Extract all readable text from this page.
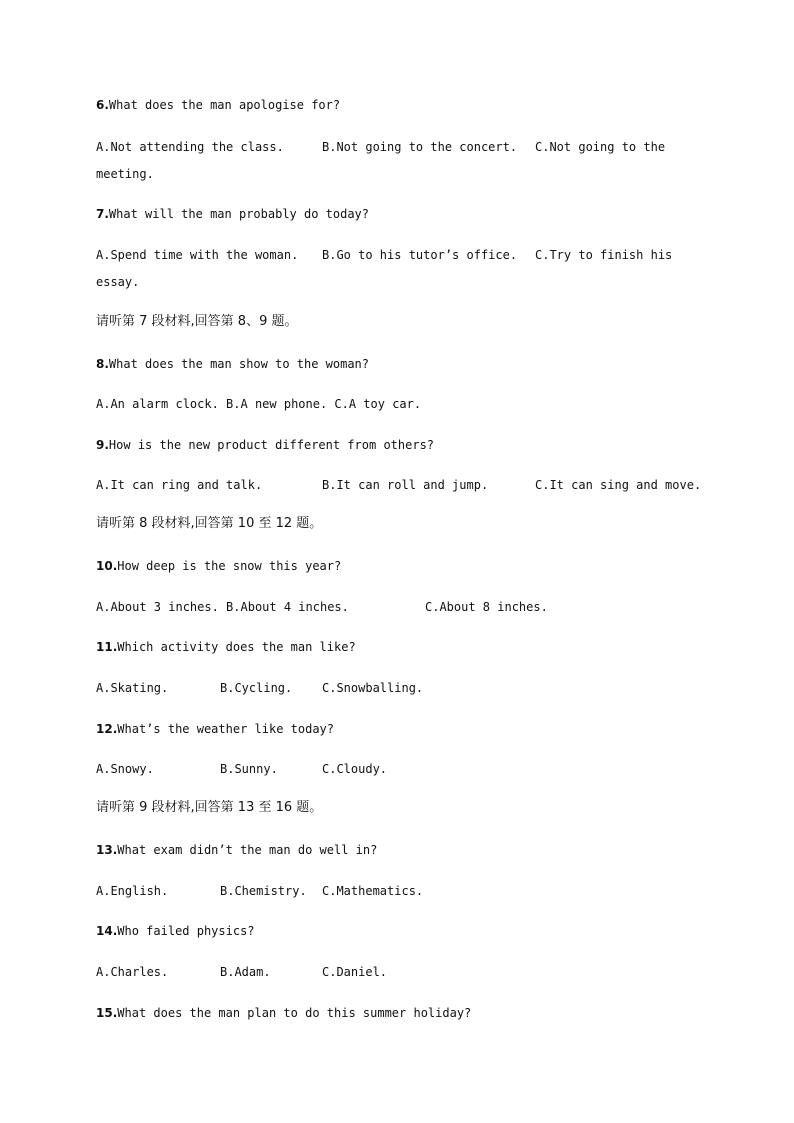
6.What does the man apologise for?
A.Not attending the class.	B.Not going to the concert. C.Not going to the
meeting.
7.What will the man probably do today?
A.Spend time with the woman. B.Go to his tutor’s office. C.Try to finish his
essay.
请听第 7 段材料,回答第 8、9 题。
8.What does the man show to the woman?
A.An alarm clock. B.A new phone. C.A toy car.
9.How is the new product different from others?
A.It can ring and talk.	B.It can roll and jump.	C.It can sing and move.
请听第 8 段材料,回答第 10 至 12 题。
10.How deep is the snow this year?
A.About 3 inches. B.About 4 inches.	C.About 8 inches.
11.Which activity does the man like?
A.Skating.	B.Cycling. C.Snowballing.
12.What’s the weather like today?
A.Snowy.	B.Sunny.	C.Cloudy.
请听第 9 段材料,回答第 13 至 16 题。
13.What exam didn’t the man do well in?
A.English.	B.Chemistry. C.Mathematics.
14.Who failed physics?
A.Charles.	B.Adam.	C.Daniel.
15.What does the man plan to do this summer holiday?
